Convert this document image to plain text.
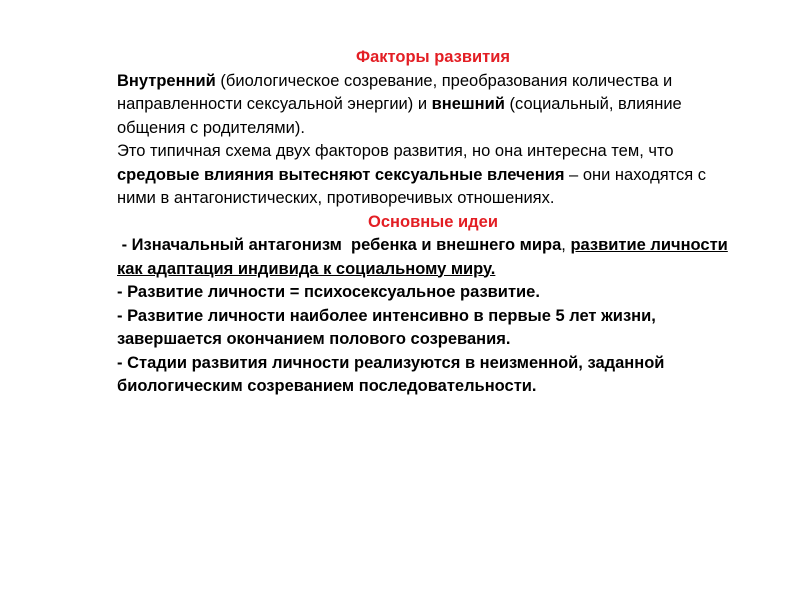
Факторы развития

Внутренний (биологическое созревание, преобразования количества и направленности сексуальной энергии) и внешний (социальный, влияние общения с родителями).

Это типичная схема двух факторов развития, но она интересна тем, что средовые влияния вытесняют сексуальные влечения – они находятся с ними в антагонистических, противоречивых отношениях.

Основные идеи

- Изначальный антагонизм  ребенка и внешнего мира, развитие личности как адаптация индивида к социальному миру.

- Развитие личности = психосексуальное развитие.

- Развитие личности наиболее интенсивно в первые 5 лет жизни, завершается окончанием полового созревания.

- Стадии развития личности реализуются в неизменной, заданной биологическим созреванием последовательности.
